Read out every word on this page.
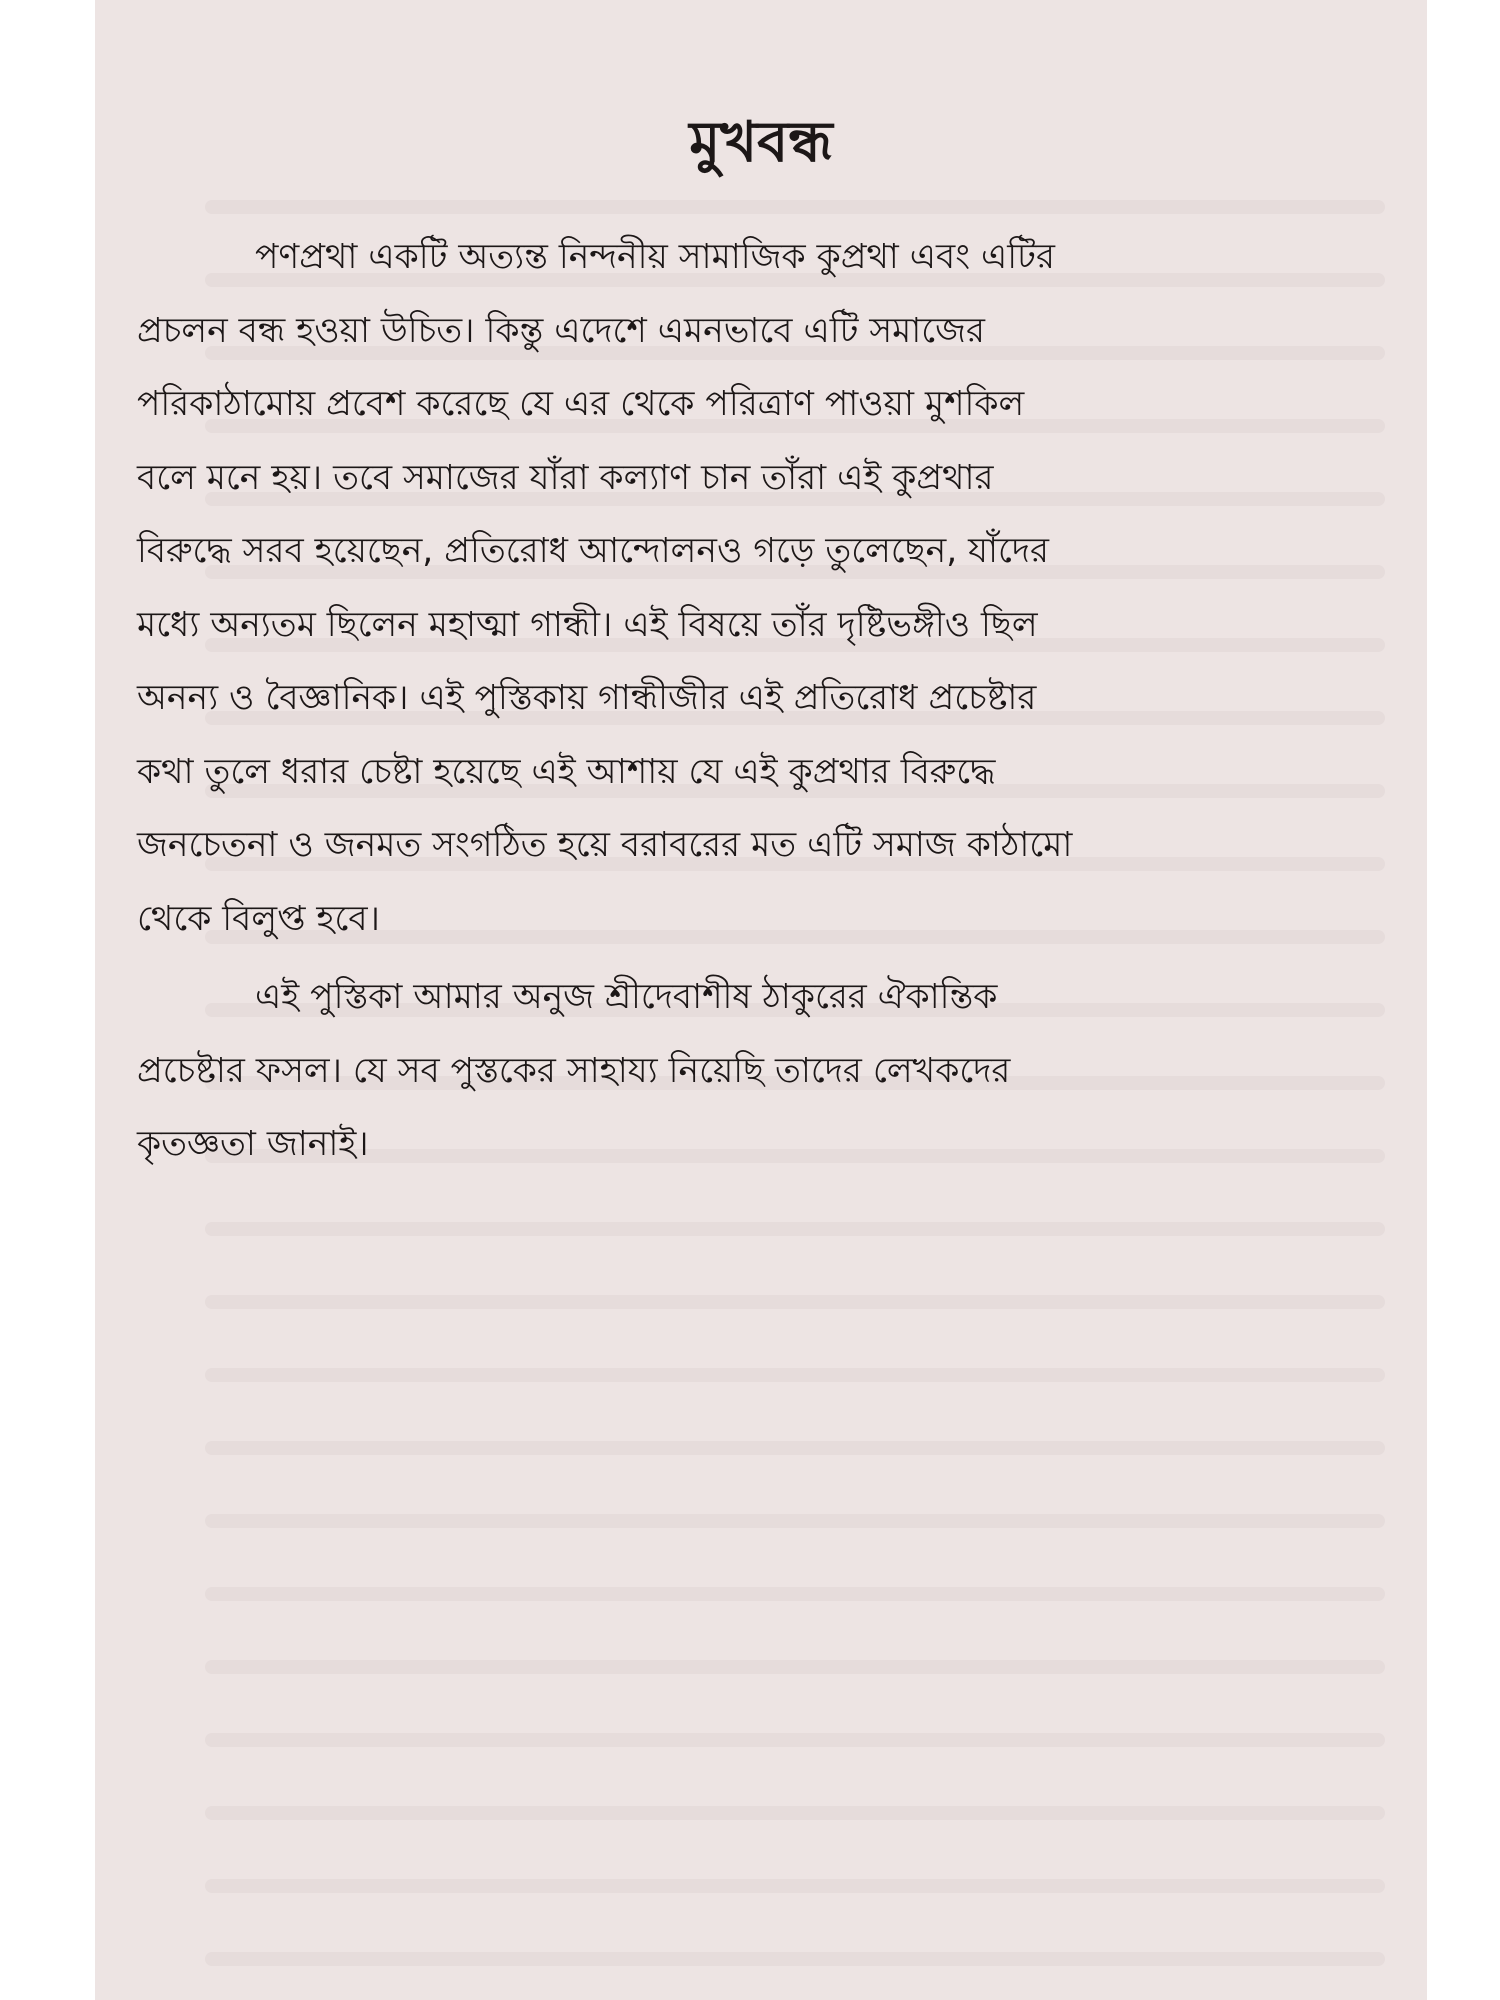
মুখবন্ধ

পণপ্রথা একটি অত্যন্ত নিন্দনীয় সামাজিক কুপ্রথা এবং এটির
প্রচলন বন্ধ হওয়া উচিত। কিন্তু এদেশে এমনভাবে এটি সমাজের
পরিকাঠামোয় প্রবেশ করেছে যে এর থেকে পরিত্রাণ পাওয়া মুশকিল
বলে মনে হয়। তবে সমাজের যাঁরা কল্যাণ চান তাঁরা এই কুপ্রথার
বিরুদ্ধে সরব হয়েছেন, প্রতিরোধ আন্দোলনও গড়ে তুলেছেন, যাঁদের
মধ্যে অন্যতম ছিলেন মহাত্মা গান্ধী। এই বিষয়ে তাঁর দৃষ্টিভঙ্গীও ছিল
অনন্য ও বৈজ্ঞানিক। এই পুস্তিকায় গান্ধীজীর এই প্রতিরোধ প্রচেষ্টার
কথা তুলে ধরার চেষ্টা হয়েছে এই আশায় যে এই কুপ্রথার বিরুদ্ধে
জনচেতনা ও জনমত সংগঠিত হয়ে বরাবরের মত এটি সমাজ কাঠামো
থেকে বিলুপ্ত হবে।

এই পুস্তিকা আমার অনুজ শ্রীদেবাশীষ ঠাকুরের ঐকান্তিক
প্রচেষ্টার ফসল। যে সব পুস্তকের সাহায্য নিয়েছি তাদের লেখকদের
কৃতজ্ঞতা জানাই।
